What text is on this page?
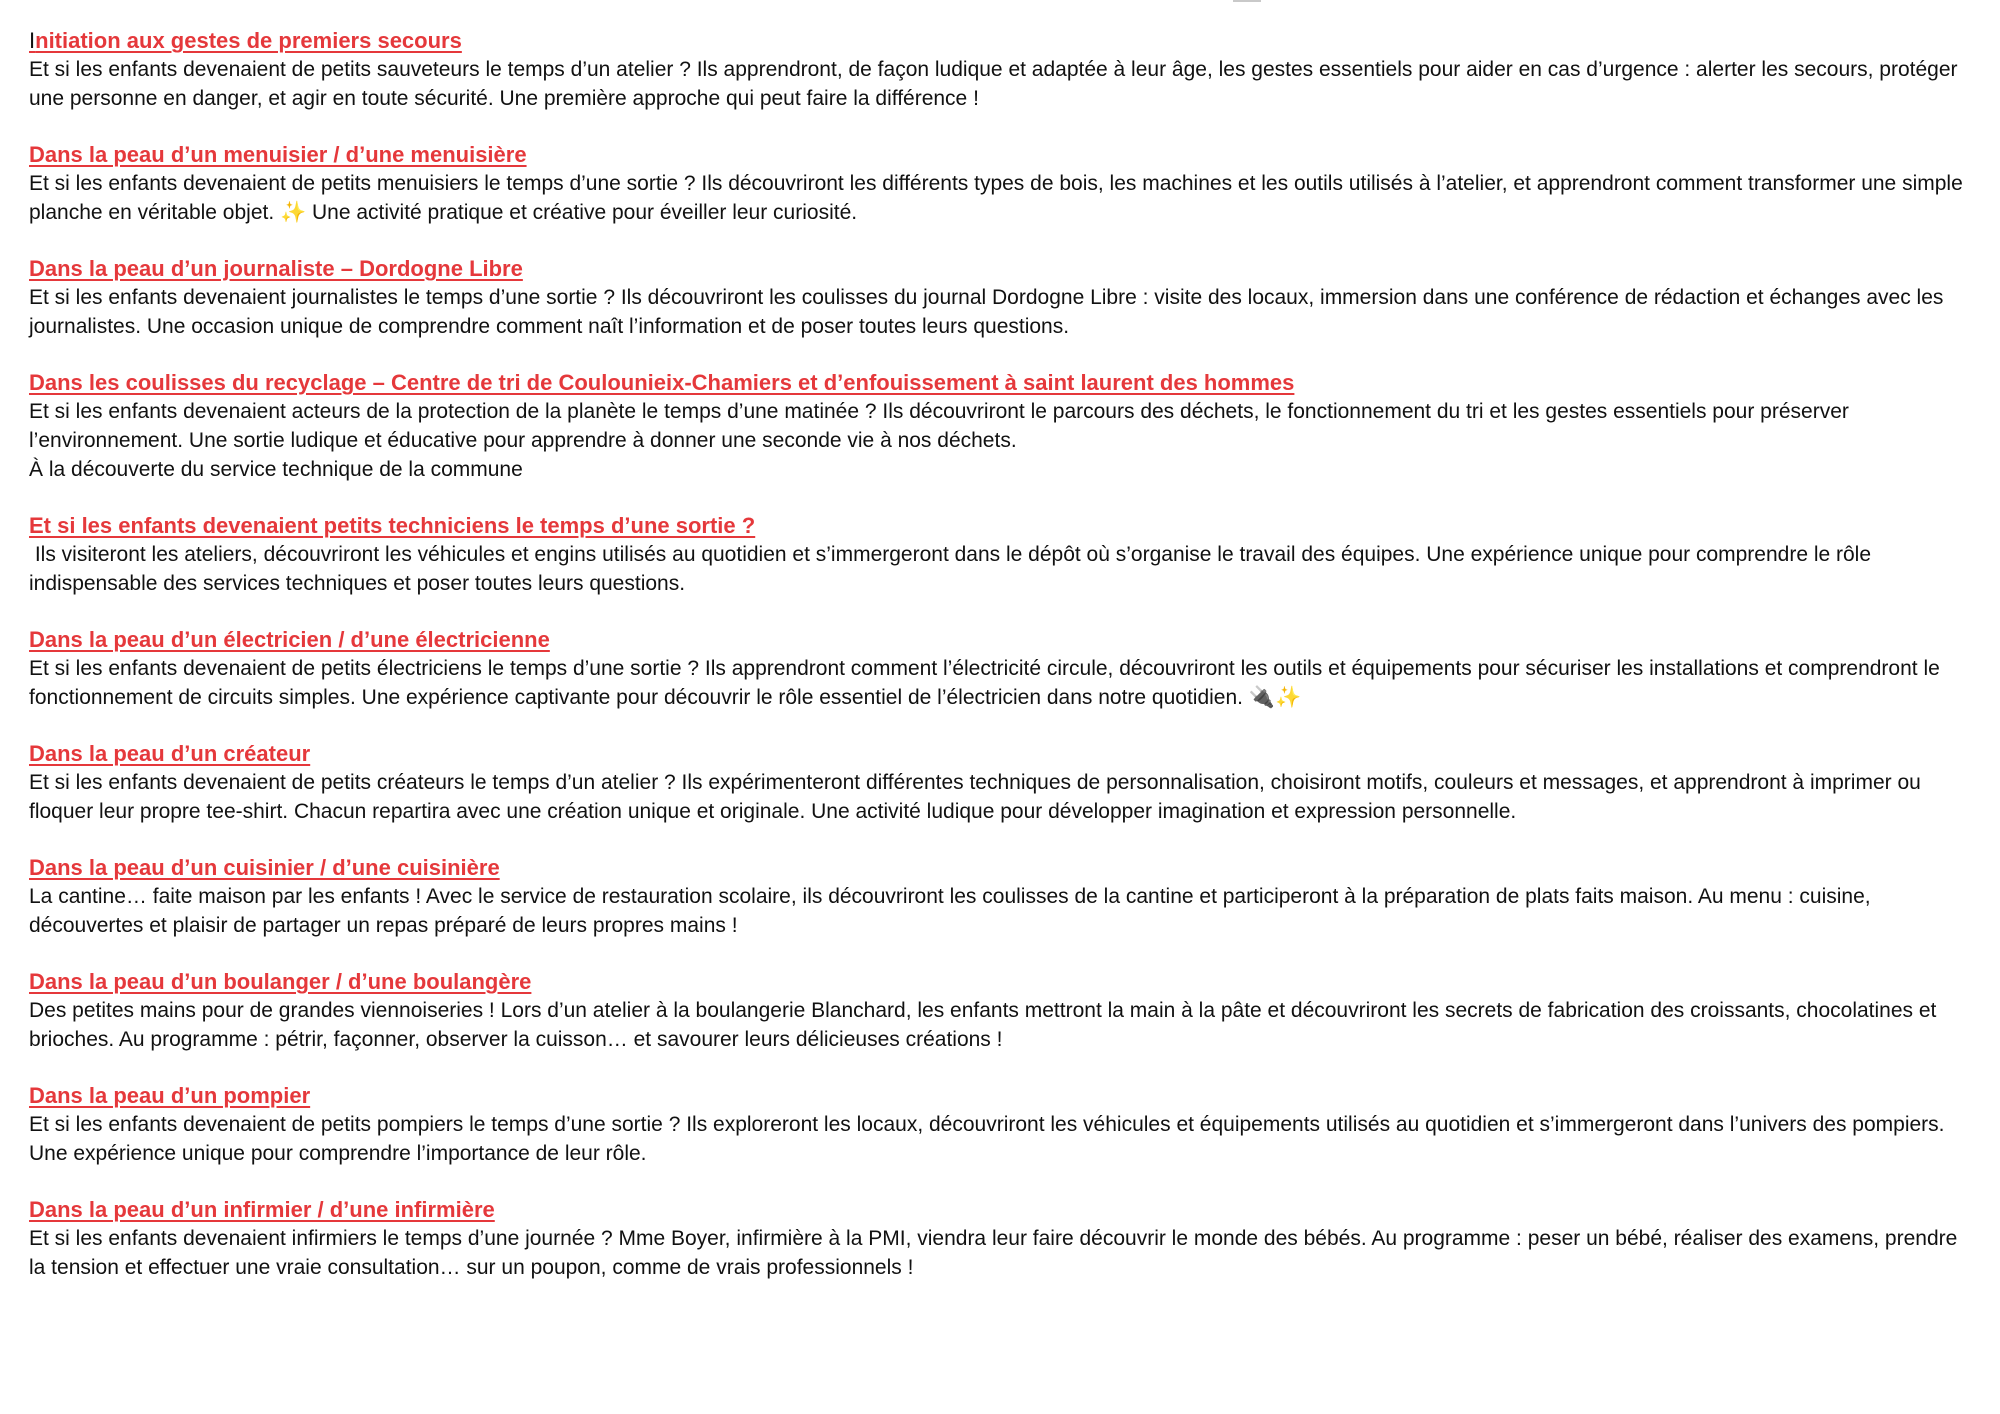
Initiation aux gestes de premiers secours

Et si les enfants devenaient de petits sauveteurs le temps d’un atelier ? Ils apprendront, de façon ludique et adaptée à leur âge, les gestes essentiels pour aider en cas d’urgence : alerter les secours, protéger une personne en danger, et agir en toute sécurité. Une première approche qui peut faire la différence !

Dans la peau d’un menuisier / d’une menuisière

Et si les enfants devenaient de petits menuisiers le temps d’une sortie ? Ils découvriront les différents types de bois, les machines et les outils utilisés à l’atelier, et apprendront comment transformer une simple planche en véritable objet. ✨ Une activité pratique et créative pour éveiller leur curiosité.

Dans la peau d’un journaliste – Dordogne Libre

Et si les enfants devenaient journalistes le temps d’une sortie ? Ils découvriront les coulisses du journal Dordogne Libre : visite des locaux, immersion dans une conférence de rédaction et échanges avec les journalistes. Une occasion unique de comprendre comment naît l’information et de poser toutes leurs questions.

Dans les coulisses du recyclage – Centre de tri de Coulounieix-Chamiers et d’enfouissement à saint laurent des hommes

Et si les enfants devenaient acteurs de la protection de la planète le temps d’une matinée ? Ils découvriront le parcours des déchets, le fonctionnement du tri et les gestes essentiels pour préserver l’environnement. Une sortie ludique et éducative pour apprendre à donner une seconde vie à nos déchets.

À la découverte du service technique de la commune

Et si les enfants devenaient petits techniciens le temps d’une sortie ?

Ils visiteront les ateliers, découvriront les véhicules et engins utilisés au quotidien et s’immergeront dans le dépôt où s’organise le travail des équipes. Une expérience unique pour comprendre le rôle indispensable des services techniques et poser toutes leurs questions.

Dans la peau d’un électricien / d’une électricienne

Et si les enfants devenaient de petits électriciens le temps d’une sortie ? Ils apprendront comment l’électricité circule, découvriront les outils et équipements pour sécuriser les installations et comprendront le fonctionnement de circuits simples. Une expérience captivante pour découvrir le rôle essentiel de l’électricien dans notre quotidien. 🔌✨

Dans la peau d’un créateur

Et si les enfants devenaient de petits créateurs le temps d’un atelier ? Ils expérimenteront différentes techniques de personnalisation, choisiront motifs, couleurs et messages, et apprendront à imprimer ou floquer leur propre tee-shirt. Chacun repartira avec une création unique et originale. Une activité ludique pour développer imagination et expression personnelle.

Dans la peau d’un cuisinier / d’une cuisinière

La cantine… faite maison par les enfants ! Avec le service de restauration scolaire, ils découvriront les coulisses de la cantine et participeront à la préparation de plats faits maison. Au menu : cuisine, découvertes et plaisir de partager un repas préparé de leurs propres mains !

Dans la peau d’un boulanger / d’une boulangère

Des petites mains pour de grandes viennoiseries ! Lors d’un atelier à la boulangerie Blanchard, les enfants mettront la main à la pâte et découvriront les secrets de fabrication des croissants, chocolatines et brioches. Au programme : pétrir, façonner, observer la cuisson… et savourer leurs délicieuses créations !

Dans la peau d’un pompier

Et si les enfants devenaient de petits pompiers le temps d’une sortie ? Ils exploreront les locaux, découvriront les véhicules et équipements utilisés au quotidien et s’immergeront dans l’univers des pompiers. Une expérience unique pour comprendre l’importance de leur rôle.

Dans la peau d’un infirmier / d’une infirmière

Et si les enfants devenaient infirmiers le temps d’une journée ? Mme Boyer, infirmière à la PMI, viendra leur faire découvrir le monde des bébés. Au programme : peser un bébé, réaliser des examens, prendre la tension et effectuer une vraie consultation… sur un poupon, comme de vrais professionnels !
